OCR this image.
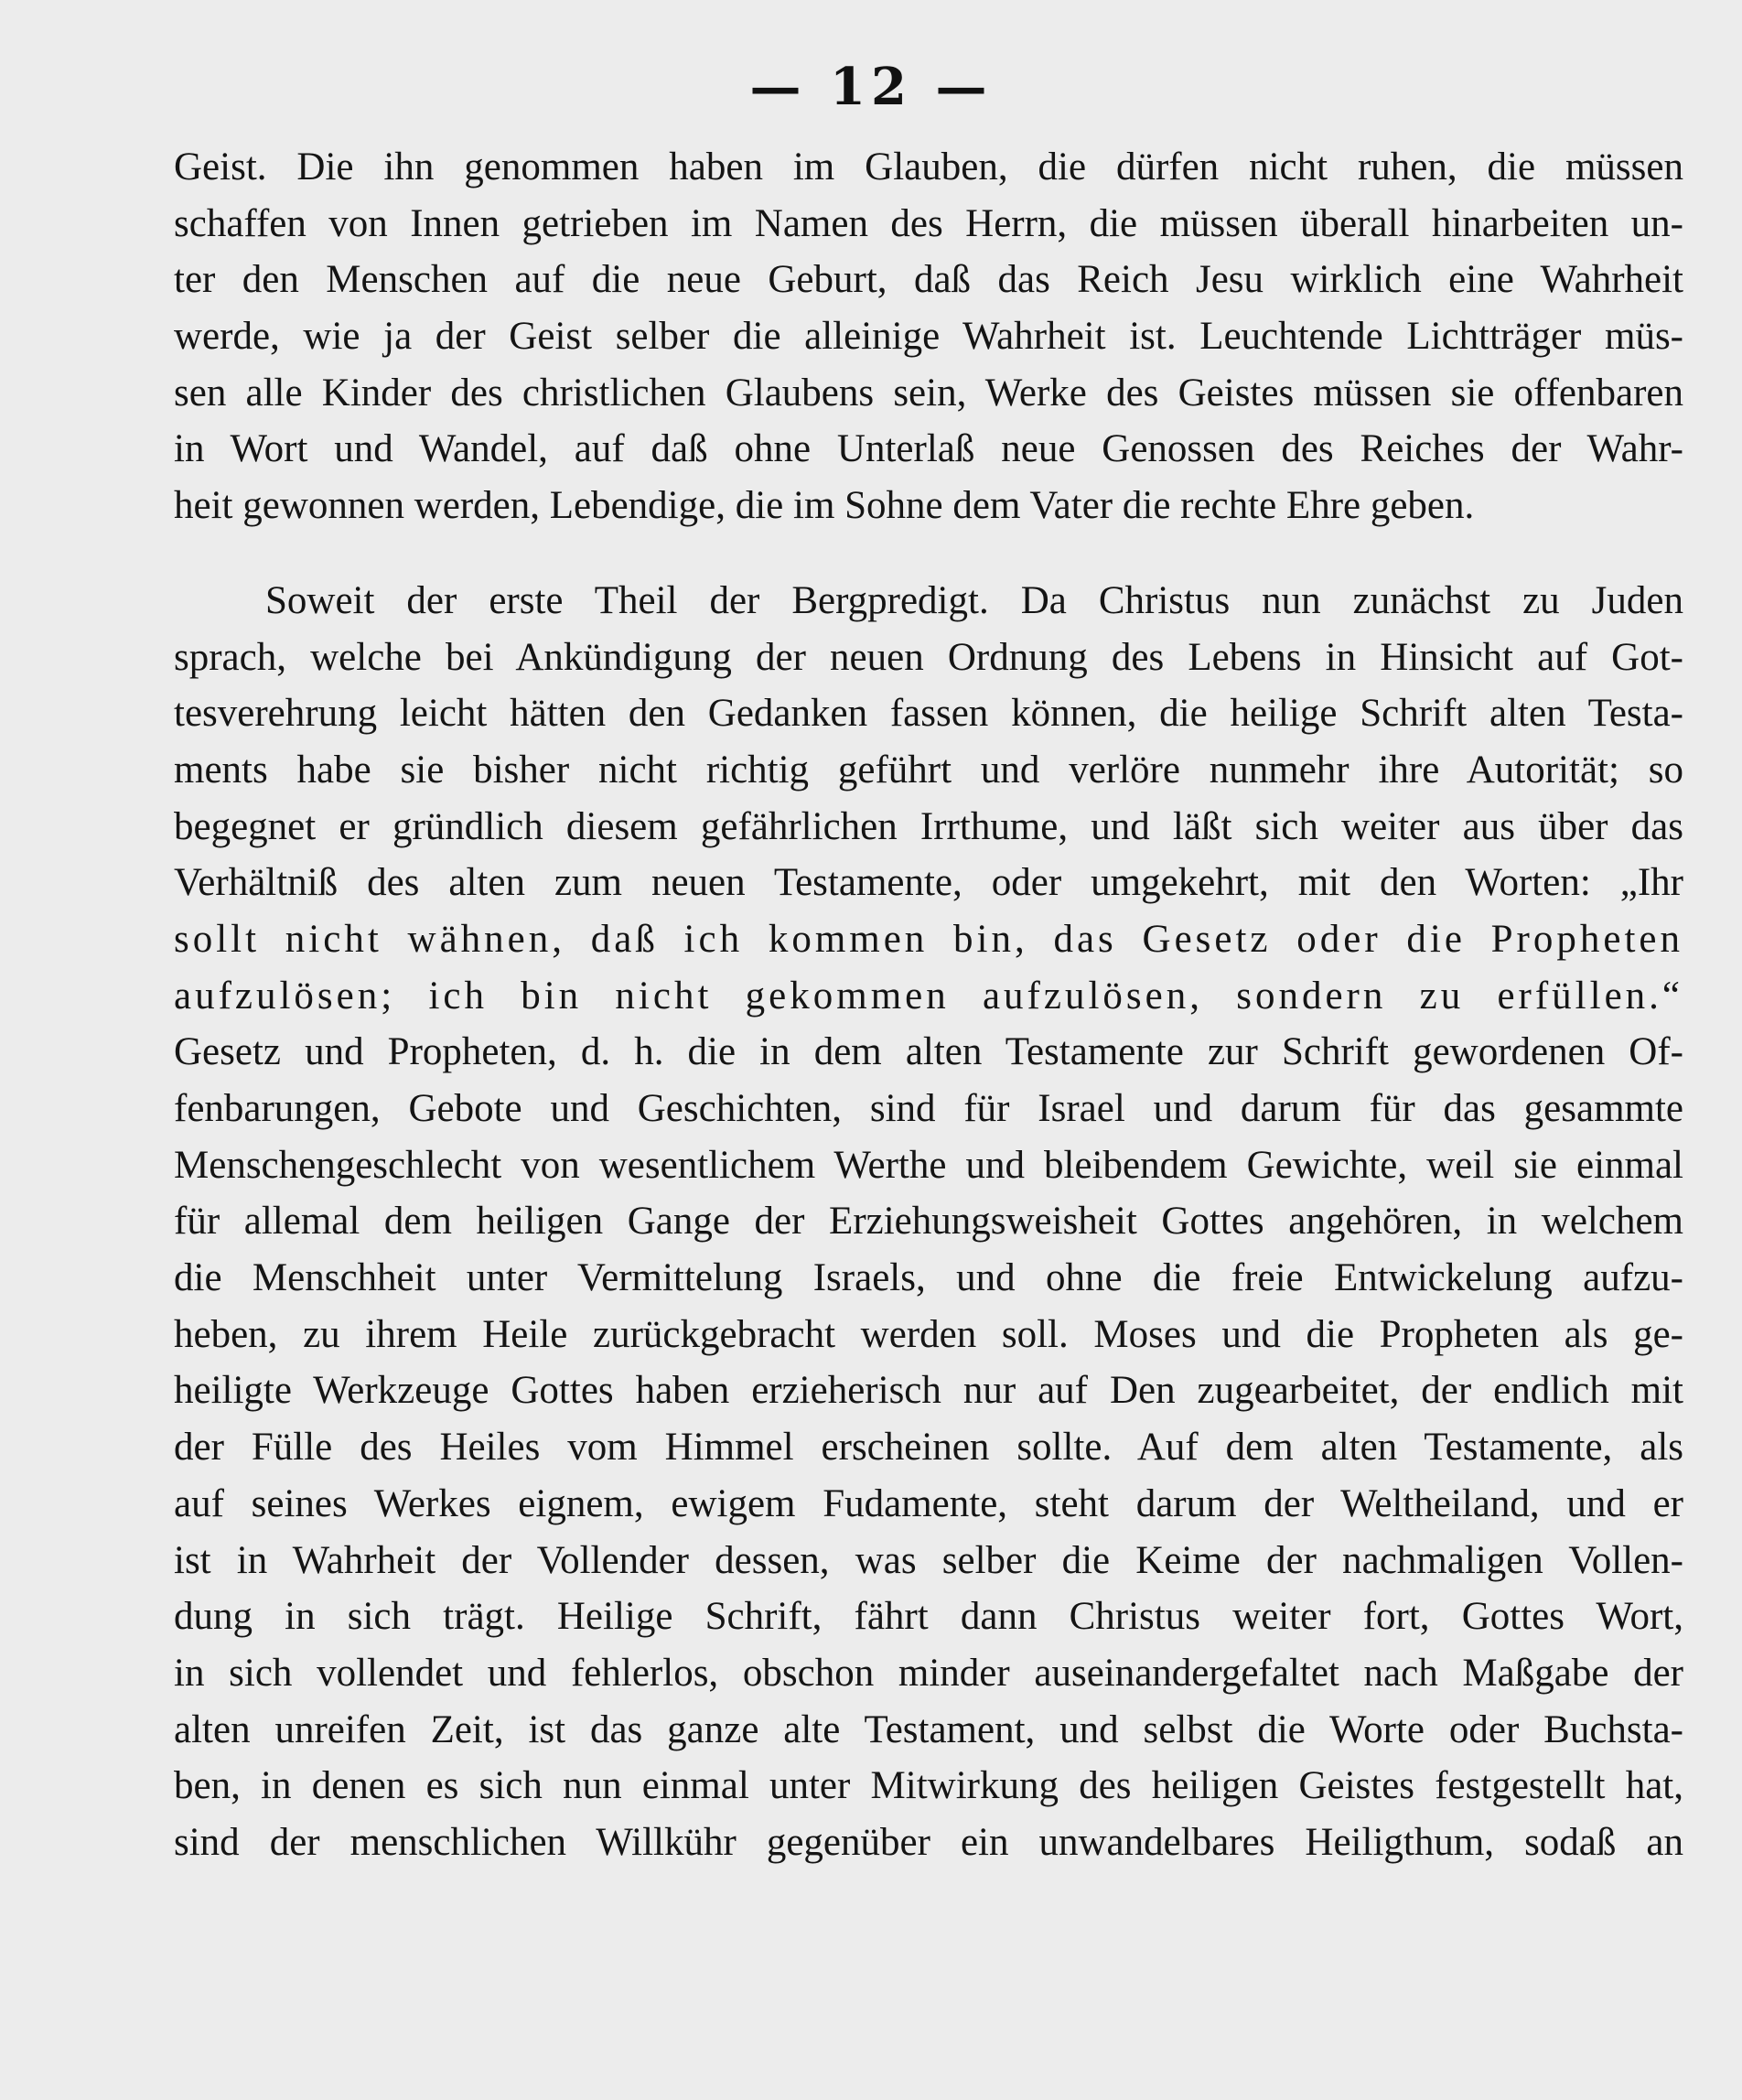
— 12 —
Geist. Die ihn genommen haben im Glauben, die dürfen nicht ruhen, die müssen
schaffen von Innen getrieben im Namen des Herrn, die müssen überall hinarbeiten un-
ter den Menschen auf die neue Geburt, daß das Reich Jesu wirklich eine Wahrheit
werde, wie ja der Geist selber die alleinige Wahrheit ist. Leuchtende Lichtträger müs-
sen alle Kinder des christlichen Glaubens sein, Werke des Geistes müssen sie offenbaren
in Wort und Wandel, auf daß ohne Unterlaß neue Genossen des Reiches der Wahr-
heit gewonnen werden, Lebendige, die im Sohne dem Vater die rechte Ehre geben.
Soweit der erste Theil der Bergpredigt. Da Christus nun zunächst zu Juden
sprach, welche bei Ankündigung der neuen Ordnung des Lebens in Hinsicht auf Got-
tesverehrung leicht hätten den Gedanken fassen können, die heilige Schrift alten Testa-
ments habe sie bisher nicht richtig geführt und verlöre nunmehr ihre Autorität; so
begegnet er gründlich diesem gefährlichen Irrthume, und läßt sich weiter aus über das
Verhältniß des alten zum neuen Testamente, oder umgekehrt, mit den Worten: „Ihr
sollt nicht wähnen, daß ich kommen bin, das Gesetz oder die Propheten
aufzulösen; ich bin nicht gekommen aufzulösen, sondern zu erfüllen.“
Gesetz und Propheten, d. h. die in dem alten Testamente zur Schrift gewordenen Of-
fenbarungen, Gebote und Geschichten, sind für Israel und darum für das gesammte
Menschengeschlecht von wesentlichem Werthe und bleibendem Gewichte, weil sie einmal
für allemal dem heiligen Gange der Erziehungsweisheit Gottes angehören, in welchem
die Menschheit unter Vermittelung Israels, und ohne die freie Entwickelung aufzu-
heben, zu ihrem Heile zurückgebracht werden soll. Moses und die Propheten als ge-
heiligte Werkzeuge Gottes haben erzieherisch nur auf Den zugearbeitet, der endlich mit
der Fülle des Heiles vom Himmel erscheinen sollte. Auf dem alten Testamente, als
auf seines Werkes eignem, ewigem Fudamente, steht darum der Weltheiland, und er
ist in Wahrheit der Vollender dessen, was selber die Keime der nachmaligen Vollen-
dung in sich trägt. Heilige Schrift, fährt dann Christus weiter fort, Gottes Wort,
in sich vollendet und fehlerlos, obschon minder auseinandergefaltet nach Maßgabe der
alten unreifen Zeit, ist das ganze alte Testament, und selbst die Worte oder Buchsta-
ben, in denen es sich nun einmal unter Mitwirkung des heiligen Geistes festgestellt hat,
sind der menschlichen Willkühr gegenüber ein unwandelbares Heiligthum, sodaß an
